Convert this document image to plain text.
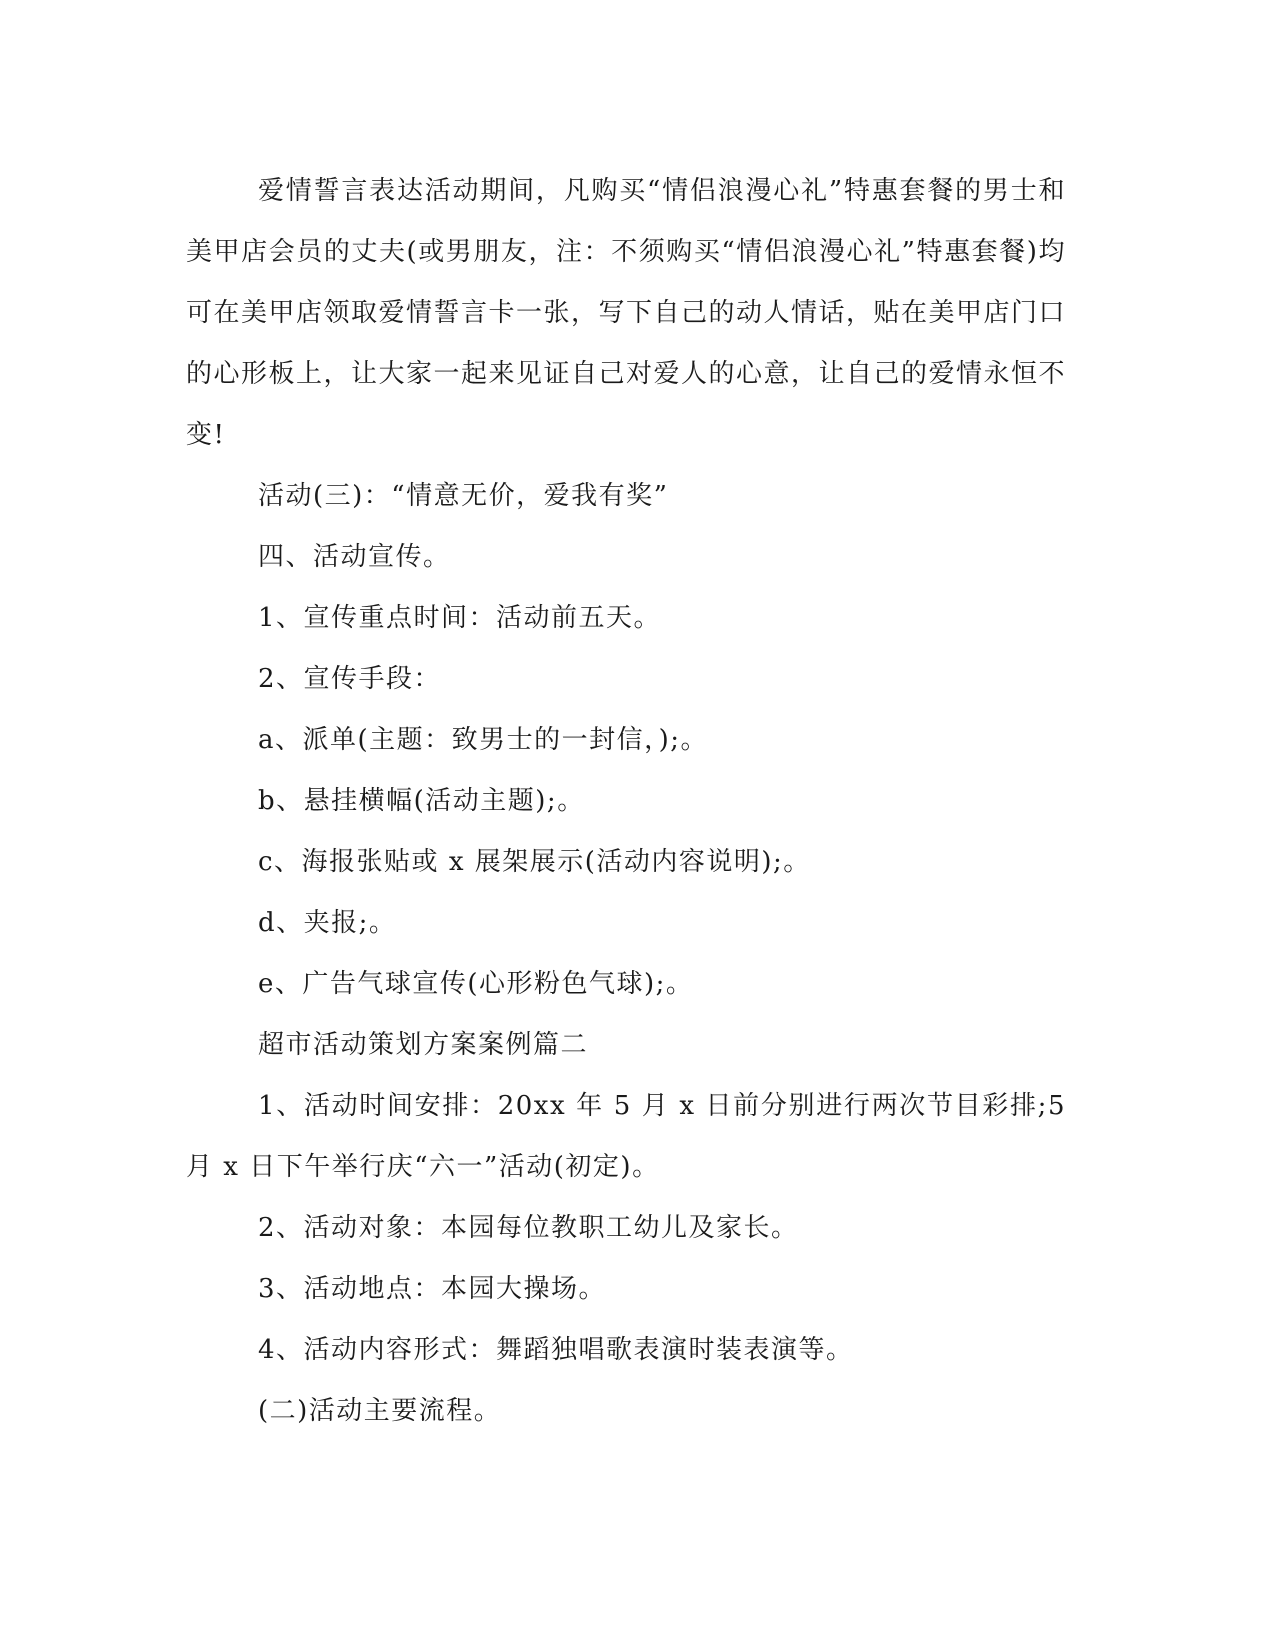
爱情誓言表达活动期间，凡购买“情侣浪漫心礼”特惠套餐的男士和美甲店会员的丈夫(或男朋友，注：不须购买“情侣浪漫心礼”特惠套餐)均可在美甲店领取爱情誓言卡一张，写下自己的动人情话，贴在美甲店门口的心形板上，让大家一起来见证自己对爱人的心意，让自己的爱情永恒不变!

活动(三)：“情意无价，爱我有奖”

四、活动宣传。

1、宣传重点时间：活动前五天。

2、宣传手段：

a、派单(主题：致男士的一封信，);。

b、悬挂横幅(活动主题);。

c、海报张贴或 x 展架展示(活动内容说明);。

d、夹报;。

e、广告气球宣传(心形粉色气球);。

超市活动策划方案案例篇二

1、活动时间安排：20xx 年 5 月 x 日前分别进行两次节目彩排;5月 x 日下午举行庆“六一”活动(初定)。

2、活动对象：本园每位教职工幼儿及家长。

3、活动地点：本园大操场。

4、活动内容形式：舞蹈独唱歌表演时装表演等。

(二)活动主要流程。
